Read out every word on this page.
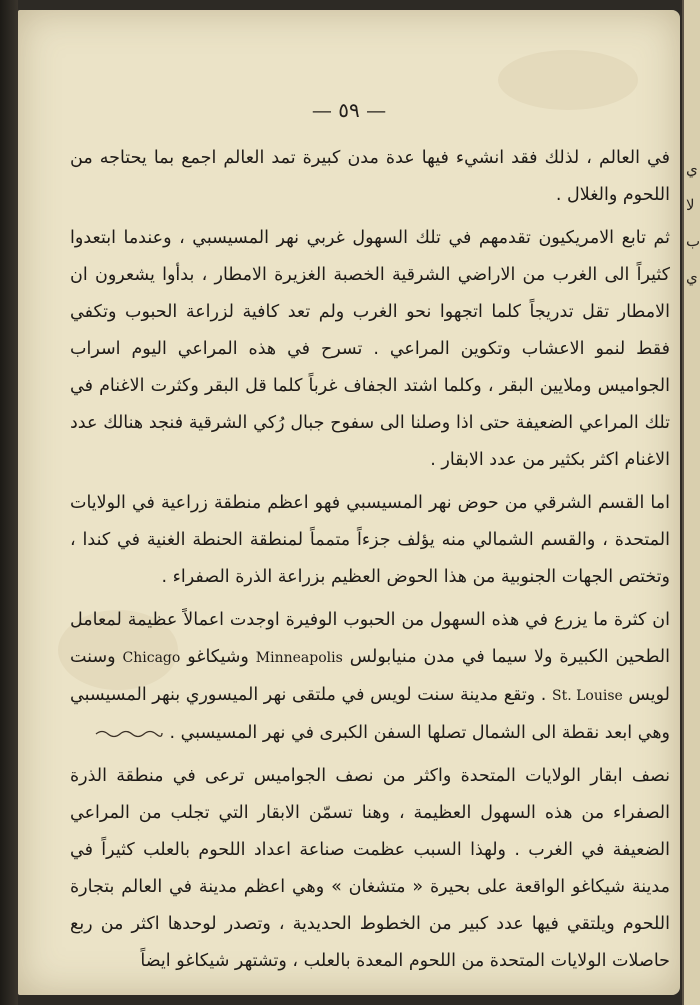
— ٥٩ —

في العالم ، لذلك فقد انشيء فيها عدة مدن كبيرة تمد العالم اجمع بما يحتاجه من اللحوم والغلال .

ثم تابع الامريكيون تقدمهم في تلك السهول غربي نهر المسيسبي ، وعندما ابتعدوا كثيراً الى الغرب من الاراضي الشرقية الخصبة الغزيرة الامطار ، بدأوا يشعرون ان الامطار تقل تدريجاً كلما اتجهوا نحو الغرب ولم تعد كافية لزراعة الحبوب وتكفي فقط لنمو الاعشاب وتكوين المراعي . تسرح في هذه المراعي اليوم اسراب الجواميس وملايين البقر ، وكلما اشتد الجفاف غرباً كلما قل البقر وكثرت الاغنام في تلك المراعي الضعيفة حتى اذا وصلنا الى سفوح جبال رُكي الشرقية فنجد هنالك عدد الاغنام اكثر بكثير من عدد الابقار .

اما القسم الشرقي من حوض نهر المسيسبي فهو اعظم منطقة زراعية في الولايات المتحدة ، والقسم الشمالي منه يؤلف جزءاً متمماً لمنطقة الحنطة الغنية في كندا ، وتختص الجهات الجنوبية من هذا الحوض العظيم بزراعة الذرة الصفراء .

ان كثرة ما يزرع في هذه السهول من الحبوب الوفيرة اوجدت اعمالاً عظيمة لمعامل الطحين الكبيرة ولا سيما في مدن منيابولس Minneapolis وشيكاغو Chicago وسنت لويس St. Louise . وتقع مدينة سنت لويس في ملتقى نهر الميسوري بنهر المسيسبي وهي ابعد نقطة الى الشمال تصلها السفن الكبرى في نهر المسيسبي .

نصف ابقار الولايات المتحدة واكثر من نصف الجواميس ترعى في منطقة الذرة الصفراء من هذه السهول العظيمة ، وهنا تسمّن الابقار التي تجلب من المراعي الضعيفة في الغرب . ولهذا السبب عظمت صناعة اعداد اللحوم بالعلب كثيراً في مدينة شيكاغو الواقعة على بحيرة « متشغان » وهي اعظم مدينة في العالم بتجارة اللحوم ويلتقي فيها عدد كبير من الخطوط الحديدية ، وتصدر لوحدها اكثر من ربع حاصلات الولايات المتحدة من اللحوم المعدة بالعلب ، وتشتهر شيكاغو ايضاً

ي
لا
ب
ي
